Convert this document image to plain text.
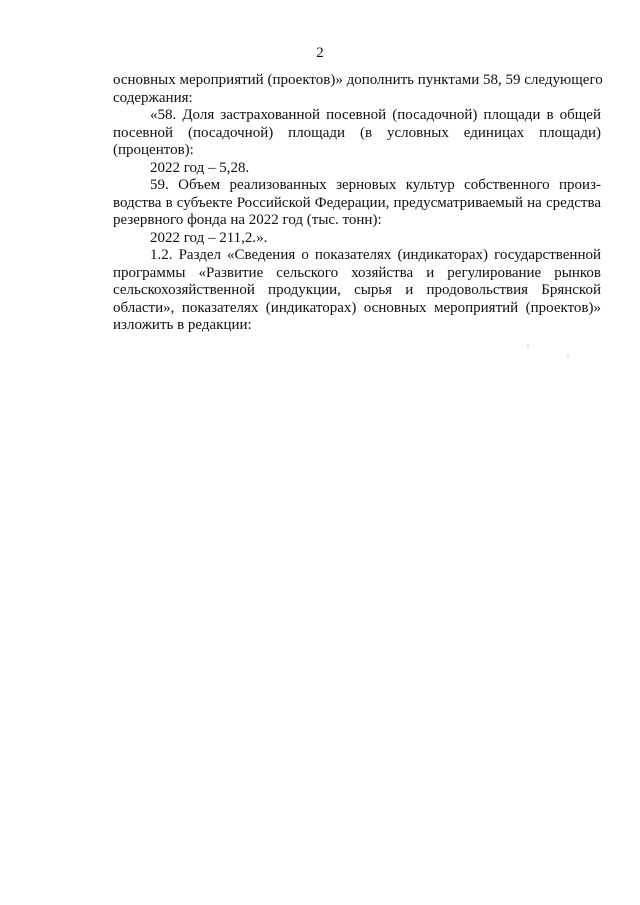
2
основных мероприятий (проектов)» дополнить пунктами 58, 59 следующего
содержания:
«58. Доля застрахованной посевной (посадочной) площади в общей
посевной (посадочной) площади (в условных единицах площади)
(процентов):
2022 год – 5,28.
59. Объем реализованных зерновых культур собственного произ-
водства в субъекте Российской Федерации, предусматриваемый на средства
резервного фонда на 2022 год (тыс. тонн):
2022 год – 211,2.».
1.2. Раздел «Сведения о показателях (индикаторах) государственной
программы «Развитие сельского хозяйства и регулирование рынков
сельскохозяйственной продукции, сырья и продовольствия Брянской
области», показателях (индикаторах) основных мероприятий (проектов)»
изложить в редакции:
